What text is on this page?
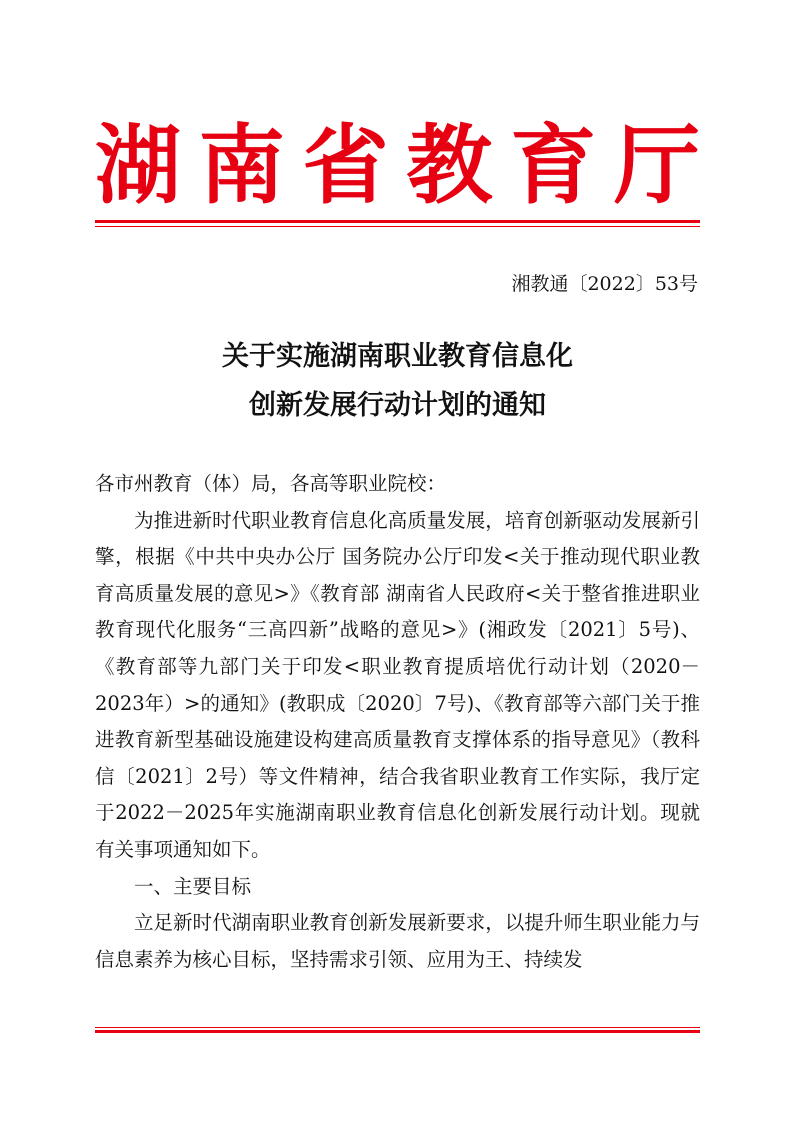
湖 南 省 教 育 厅
湘教通〔2022〕53号
关于实施湖南职业教育信息化
创新发展行动计划的通知

各市州教育（体）局，各高等职业院校：

为推进新时代职业教育信息化高质量发展，培育创新驱动发展新引擎，根据《中共中央办公厅 国务院办公厅印发<关于推动现代职业教育高质量发展的意见>》《教育部 湖南省人民政府<关于整省推进职业教育现代化服务“三高四新”战略的意见>》(湘政发〔2021〕5号)、《教育部等九部门关于印发<职业教育提质培优行动计划（2020－2023年）>的通知》(教职成〔2020〕7号)、《教育部等六部门关于推进教育新型基础设施建设构建高质量教育支撑体系的指导意见》（教科信〔2021〕2号）等文件精神，结合我省职业教育工作实际，我厅定于2022－2025年实施湖南职业教育信息化创新发展行动计划。现就有关事项通知如下。

一、主要目标

立足新时代湖南职业教育创新发展新要求，以提升师生职业能力与信息素养为核心目标，坚持需求引领、应用为王、持续发
